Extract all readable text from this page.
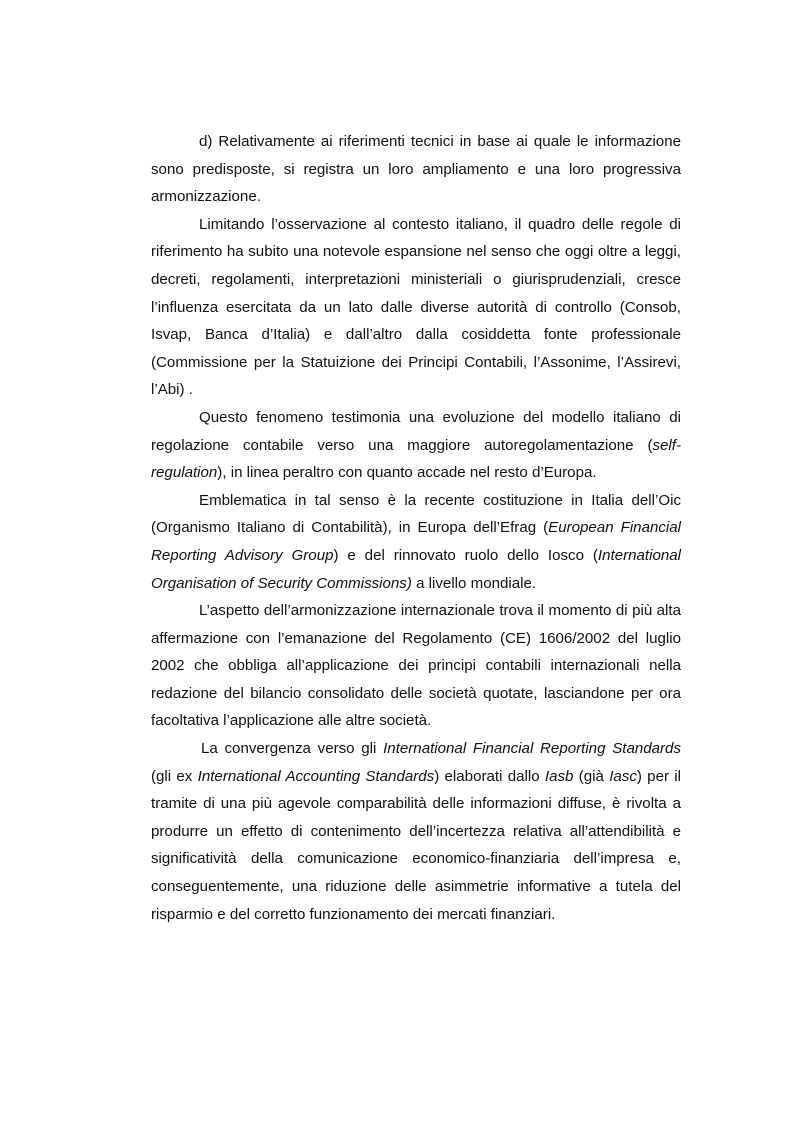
d) Relativamente ai riferimenti tecnici in base ai quale le informazione sono predisposte, si registra un loro ampliamento e una loro progressiva armonizzazione.

Limitando l’osservazione al contesto italiano, il quadro delle regole di riferimento ha subito una notevole espansione nel senso che oggi oltre a leggi, decreti, regolamenti, interpretazioni ministeriali o giurisprudenziali, cresce l’influenza esercitata da un lato dalle diverse autorità di controllo (Consob, Isvap, Banca d’Italia) e dall’altro dalla cosiddetta fonte professionale (Commissione per la Statuizione dei Principi Contabili, l’Assonime, l’Assirevi, l’Abi) .

Questo fenomeno testimonia una evoluzione del modello italiano di regolazione contabile verso una maggiore autoregolamentazione (self-regulation), in linea peraltro con quanto accade nel resto d’Europa.

Emblematica in tal senso è la recente costituzione in Italia dell’Oic (Organismo Italiano di Contabilità), in Europa dell’Efrag (European Financial Reporting Advisory Group) e del rinnovato ruolo dello Iosco (International Organisation of Security Commissions) a livello mondiale.

L’aspetto dell’armonizzazione internazionale trova il momento di più alta affermazione con l’emanazione del Regolamento (CE) 1606/2002 del luglio 2002 che obbliga all’applicazione dei principi contabili internazionali nella redazione del bilancio consolidato delle società quotate, lasciandone per ora facoltativa l’applicazione alle altre società.

La convergenza verso gli International Financial Reporting Standards (gli ex International Accounting Standards) elaborati dallo Iasb (già Iasc) per il tramite di una più agevole comparabilità delle informazioni diffuse, è rivolta a produrre un effetto di contenimento dell’incertezza relativa all’attendibilità e significatività della comunicazione economico-finanziaria dell’impresa e, conseguentemente, una riduzione delle asimmetrie informative a tutela del risparmio e del corretto funzionamento dei mercati finanziari.
